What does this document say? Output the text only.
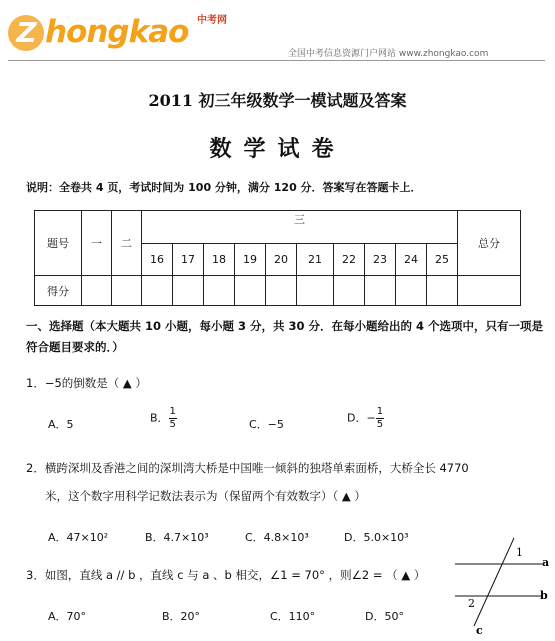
Z hongkao 中考网
全国中考信息资源门户网站 www.zhongkao.com
2011 初三年级数学一模试题及答案
数学试卷
说明：全卷共 4 页，考试时间为 100 分钟，满分 120 分．答案写在答题卡上．
题号	一	二	三										总分
			16	17	18	19	20	21	22	23	24	25	
得分													
一、选择题（本大题共 10 小题，每小题 3 分，共 30 分．在每小题给出的 4 个选项中，只有一项是符合题目要求的．）
1．−5的倒数是（ ▲ ）
A．5	B． $\frac{1}{5}$	C．−5	D．− $\frac{1}{5}$
2．横跨深圳及香港之间的深圳湾大桥是中国唯一倾斜的独塔单索面桥，大桥全长 4770
米，这个数字用科学记数法表示为（保留两个有效数字）（ ▲ ）
A．47×10²	B．4.7×10³	C．4.8×10³	D．5.0×10³
3．如图，直线 a // b ，直线 c 与 a 、b 相交，∠1 = 70° ，则∠2 = （ ▲ ）
A．70°	B．20°	C．110°	D．50°
1
2
a
b
c
